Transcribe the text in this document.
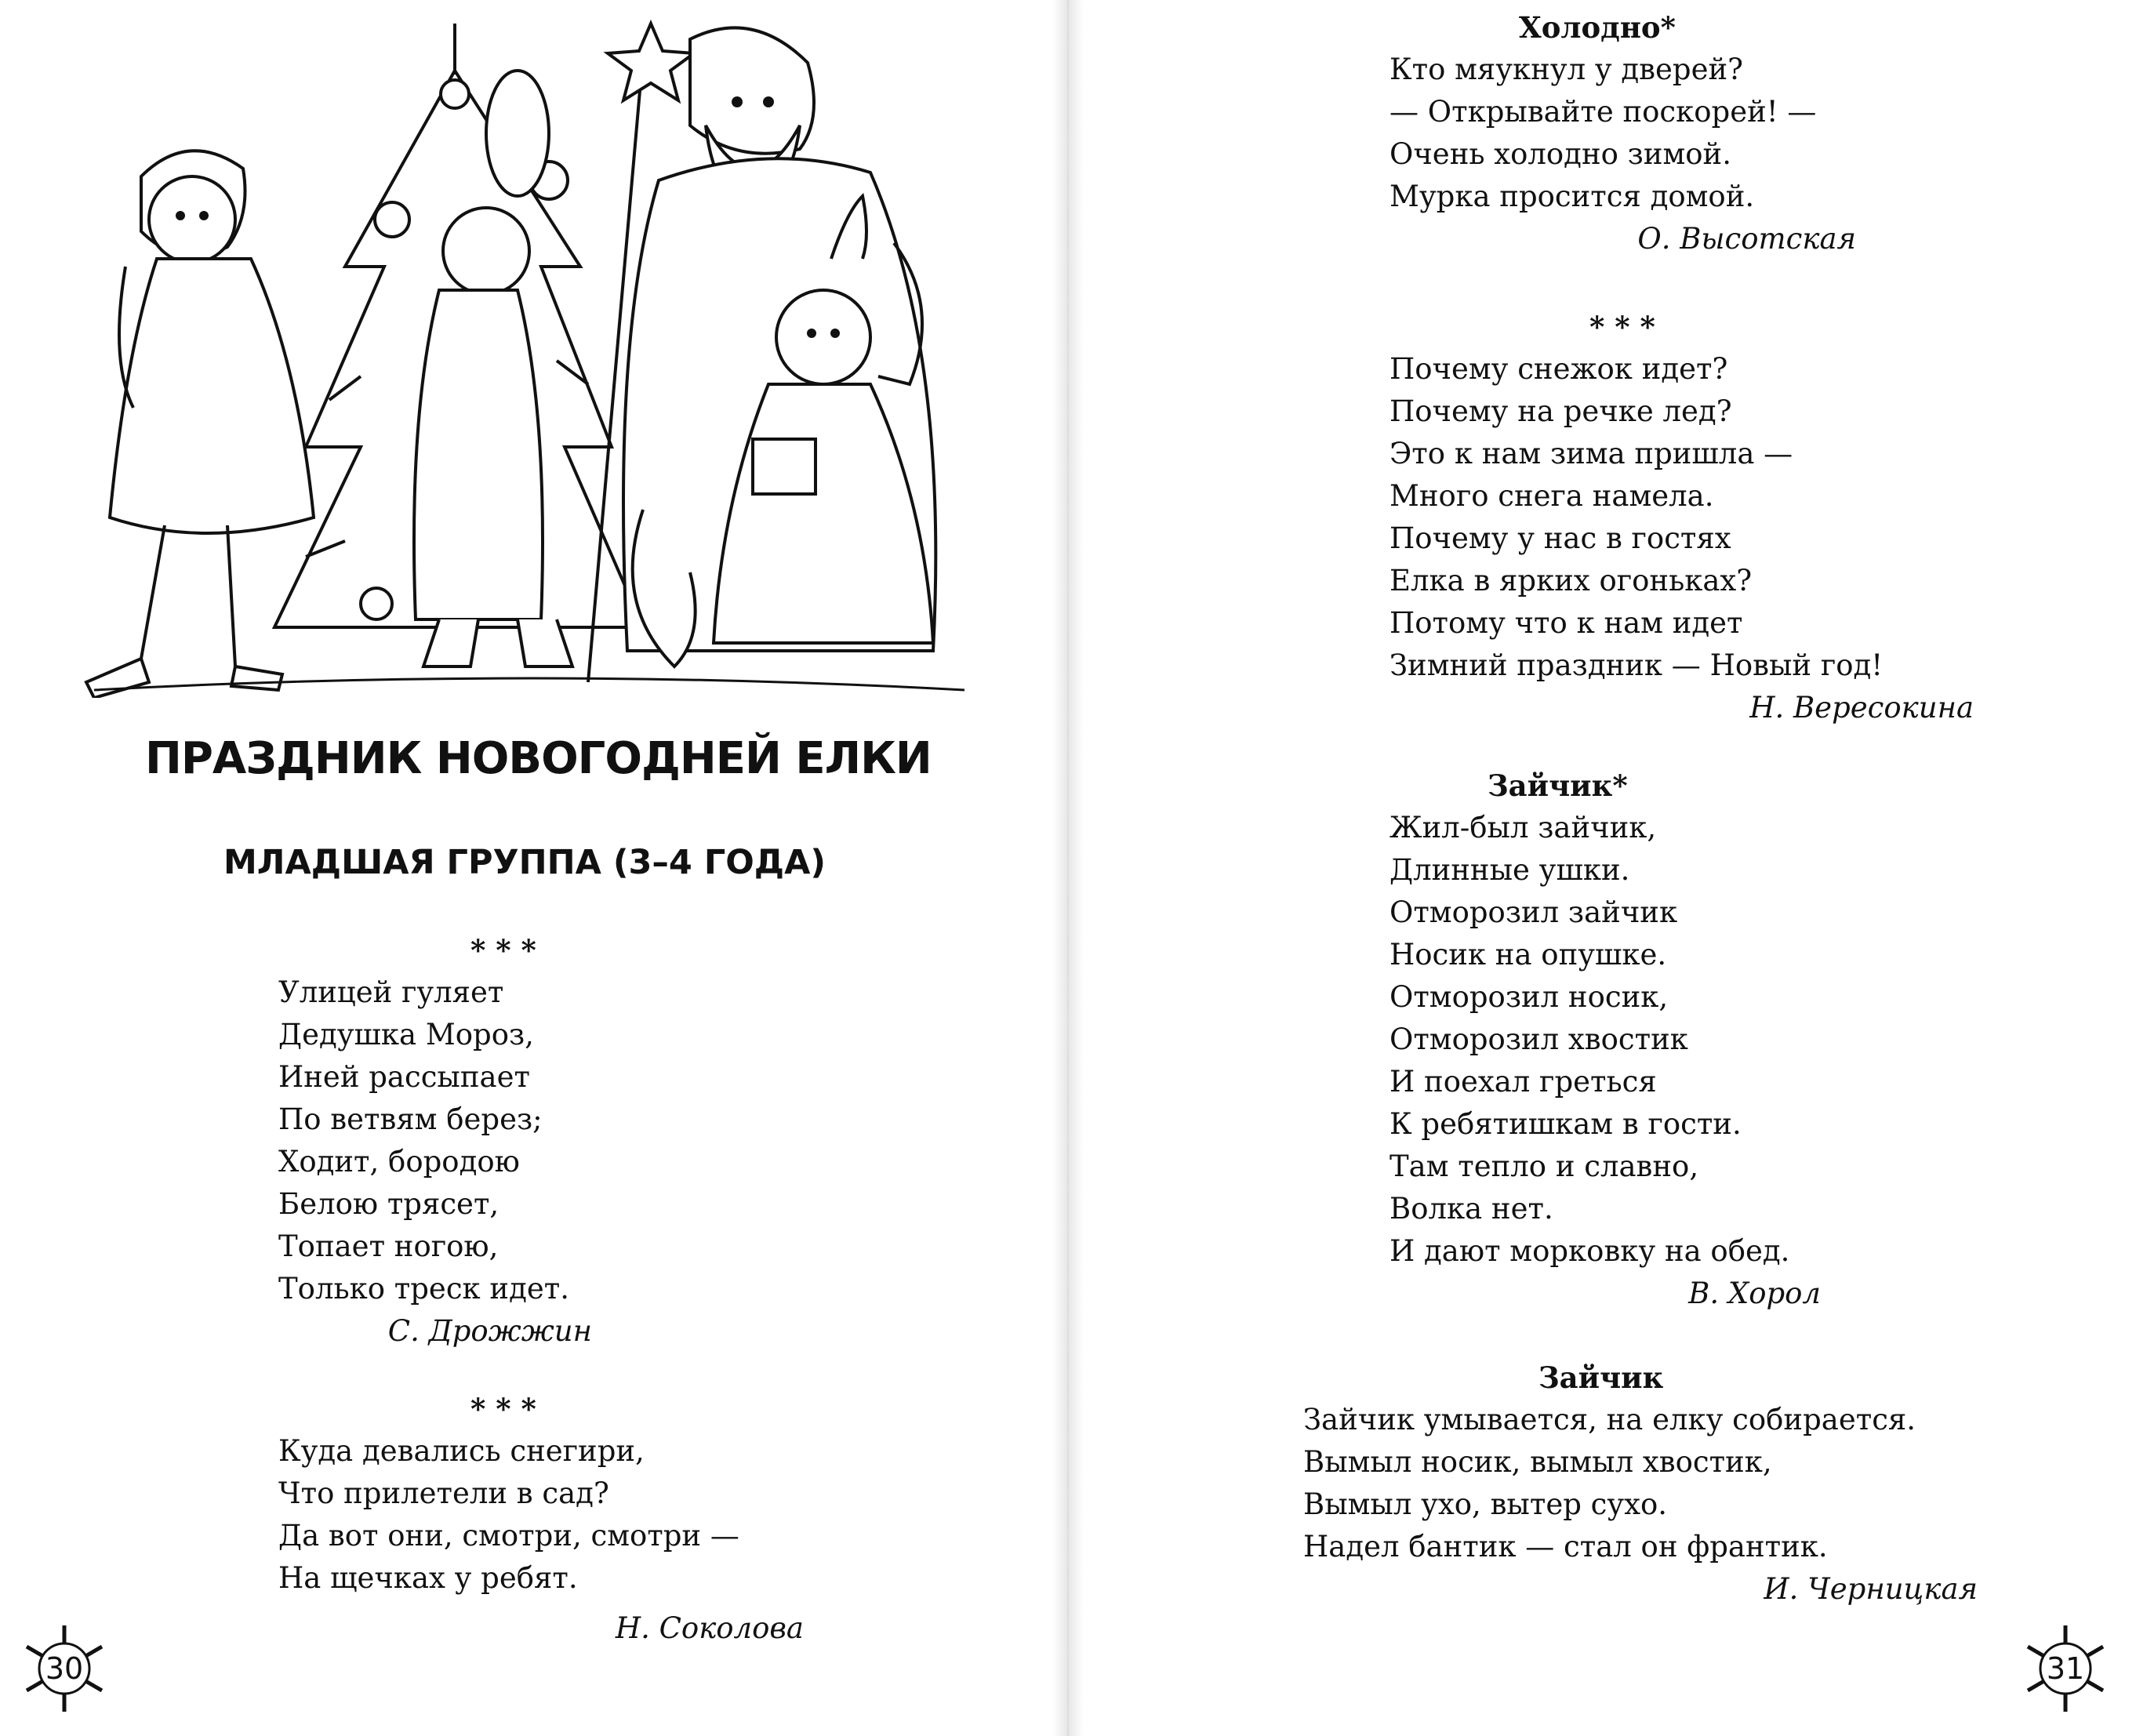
ПРАЗДНИК НОВОГОДНЕЙ ЕЛКИ
МЛАДШАЯ ГРУППА (3–4 ГОДА)
* * *
Улицей гуляет
Дедушка Мороз,
Иней рассыпает
По ветвям берез;
Ходит, бородою
Белою трясет,
Топает ногою,
Только треск идет.
С. Дрожжин
* * *
Куда девались снегири,
Что прилетели в сад?
Да вот они, смотри, смотри —
На щечках у ребят.
Н. Соколова
30
Холодно*
Кто мяукнул у дверей?
— Открывайте поскорей! —
Очень холодно зимой.
Мурка просится домой.
О. Высотская
* * *
Почему снежок идет?
Почему на речке лед?
Это к нам зима пришла —
Много снега намела.
Почему у нас в гостях
Елка в ярких огоньках?
Потому что к нам идет
Зимний праздник — Новый год!
Н. Вересокина
Зайчик*
Жил-был зайчик,
Длинные ушки.
Отморозил зайчик
Носик на опушке.
Отморозил носик,
Отморозил хвостик
И поехал греться
К ребятишкам в гости.
Там тепло и славно,
Волка нет.
И дают морковку на обед.
В. Хорол
Зайчик
Зайчик умывается, на елку собирается.
Вымыл носик, вымыл хвостик,
Вымыл ухо, вытер сухо.
Надел бантик — стал он франтик.
И. Черницкая
31
